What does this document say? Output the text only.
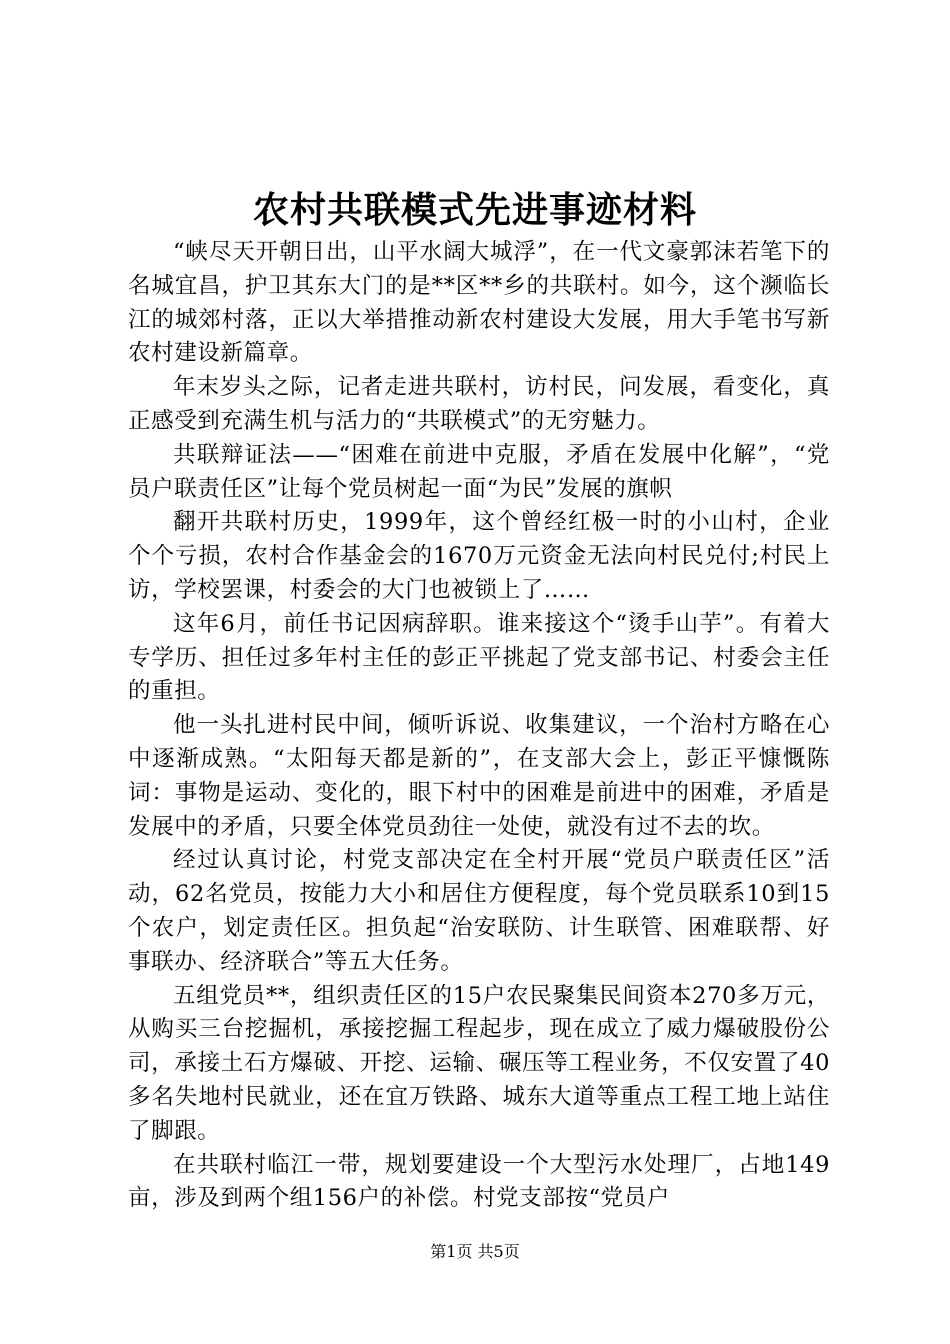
农村共联模式先进事迹材料

“峡尽天开朝日出，山平水阔大城浮”，在一代文豪郭沫若笔下的名城宜昌，护卫其东大门的是**区**乡的共联村。如今，这个濒临长江的城郊村落，正以大举措推动新农村建设大发展，用大手笔书写新农村建设新篇章。

年末岁头之际，记者走进共联村，访村民，问发展，看变化，真正感受到充满生机与活力的“共联模式”的无穷魅力。

共联辩证法——“困难在前进中克服，矛盾在发展中化解”，“党员户联责任区”让每个党员树起一面“为民”发展的旗帜

翻开共联村历史，1999年，这个曾经红极一时的小山村，企业个个亏损，农村合作基金会的1670万元资金无法向村民兑付;村民上访，学校罢课，村委会的大门也被锁上了……

这年6月，前任书记因病辞职。谁来接这个“烫手山芋”。有着大专学历、担任过多年村主任的彭正平挑起了党支部书记、村委会主任的重担。

他一头扎进村民中间，倾听诉说、收集建议，一个治村方略在心中逐渐成熟。“太阳每天都是新的”，在支部大会上，彭正平慷慨陈词：事物是运动、变化的，眼下村中的困难是前进中的困难，矛盾是发展中的矛盾，只要全体党员劲往一处使，就没有过不去的坎。

经过认真讨论，村党支部决定在全村开展“党员户联责任区”活动，62名党员，按能力大小和居住方便程度，每个党员联系10到15个农户，划定责任区。担负起“治安联防、计生联管、困难联帮、好事联办、经济联合”等五大任务。

五组党员**，组织责任区的15户农民聚集民间资本270多万元，从购买三台挖掘机，承接挖掘工程起步，现在成立了威力爆破股份公司，承接土石方爆破、开挖、运输、碾压等工程业务，不仅安置了40多名失地村民就业，还在宜万铁路、城东大道等重点工程工地上站住了脚跟。

在共联村临江一带，规划要建设一个大型污水处理厂，占地149亩，涉及到两个组156户的补偿。村党支部按“党员户

第1页 共5页
